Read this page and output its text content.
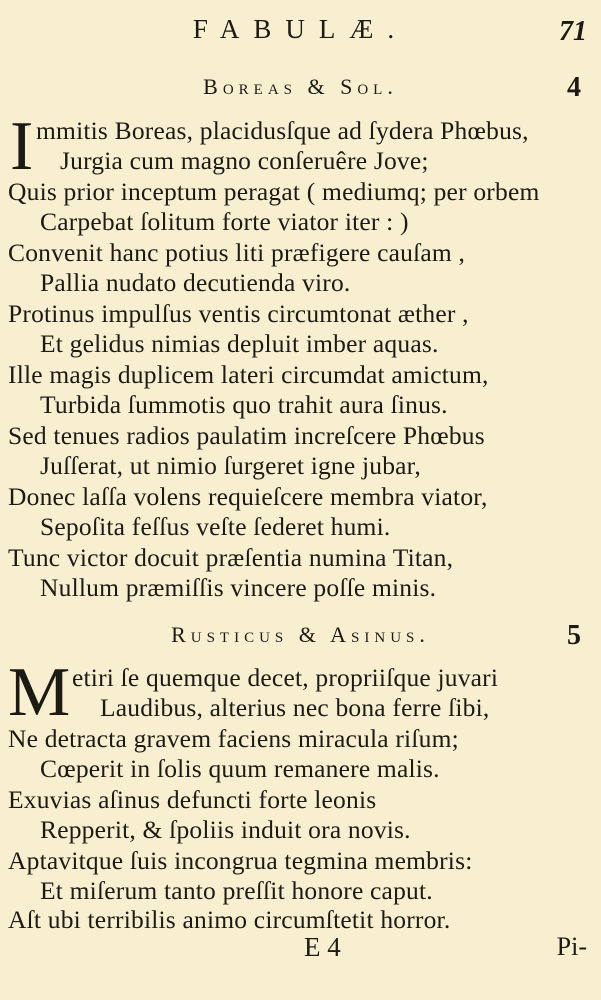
FABULÆ.	71
Boreas & Sol.	4
I mmitis Boreas, placidusſque ad ſydera Phœbus,
Jurgia cum magno conſeruêre Jove;
Quis prior inceptum peragat ( mediumq; per orbem
Carpebat ſolitum forte viator iter : )
Convenit hanc potius liti præfigere cauſam ,
Pallia nudato decutienda viro.
Protinus impulſus ventis circumtonat æther ,
Et gelidus nimias depluit imber aquas.
Ille magis duplicem lateri circumdat amictum,
Turbida ſummotis quo trahit aura ſinus.
Sed tenues radios paulatim increſcere Phœbus
Juſſerat, ut nimio ſurgeret igne jubar,
Donec laſſa volens requieſcere membra viator,
Sepoſita feſſus veſte ſederet humi.
Tunc victor docuit præſentia numina Titan,
Nullum præmiſſis vincere poſſe minis.
Rusticus & Asinus.	5
M etiri ſe quemque decet, propriiſque juvari
Laudibus, alterius nec bona ferre ſibi,
Ne detracta gravem faciens miracula riſum;
Cœperit in ſolis quum remanere malis.
Exuvias aſinus defuncti forte leonis
Repperit, & ſpoliis induit ora novis.
Aptavitque ſuis incongrua tegmina membris:
Et miſerum tanto preſſit honore caput.
Aſt ubi terribilis animo circumſtetit horror.
E 4	Pi-
